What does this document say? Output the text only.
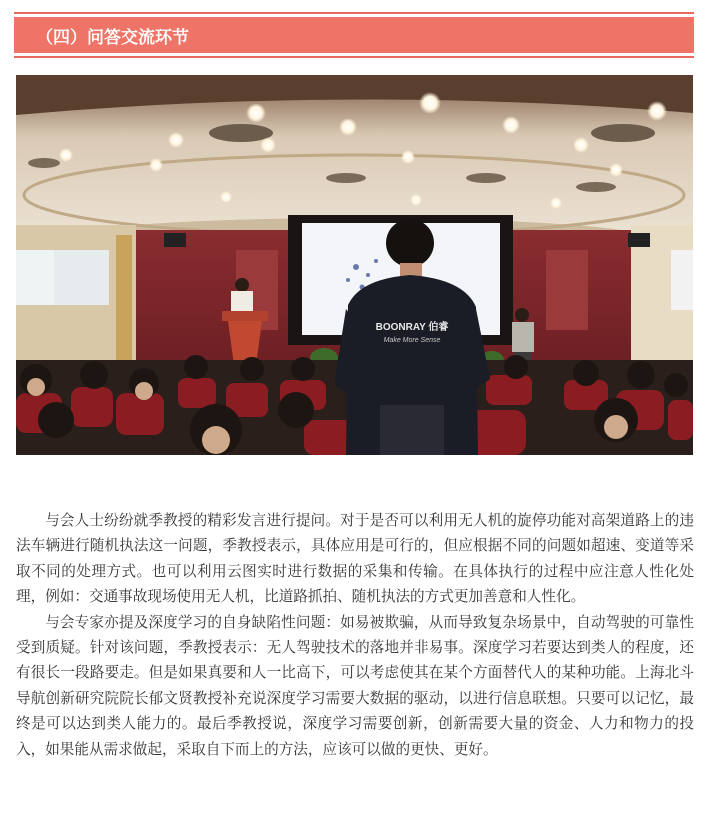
（四）问答交流环节
BOONRAY 伯睿
Make More Sense

与会人士纷纷就季教授的精彩发言进行提问。对于是否可以利用无人机的旋停功能对高架道路上的违法车辆进行随机执法这一问题，季教授表示，具体应用是可行的，但应根据不同的问题如超速、变道等采取不同的处理方式。也可以利用云图实时进行数据的采集和传输。在具体执行的过程中应注意人性化处理，例如：交通事故现场使用无人机，比道路抓拍、随机执法的方式更加善意和人性化。

与会专家亦提及深度学习的自身缺陷性问题：如易被欺骗，从而导致复杂场景中，自动驾驶的可靠性受到质疑。针对该问题，季教授表示：无人驾驶技术的落地并非易事。深度学习若要达到类人的程度，还有很长一段路要走。但是如果真要和人一比高下，可以考虑使其在某个方面替代人的某种功能。上海北斗导航创新研究院院长郁文贤教授补充说深度学习需要大数据的驱动，以进行信息联想。只要可以记忆，最终是可以达到类人能力的。最后季教授说，深度学习需要创新，创新需要大量的资金、人力和物力的投入，如果能从需求做起，采取自下而上的方法，应该可以做的更快、更好。
